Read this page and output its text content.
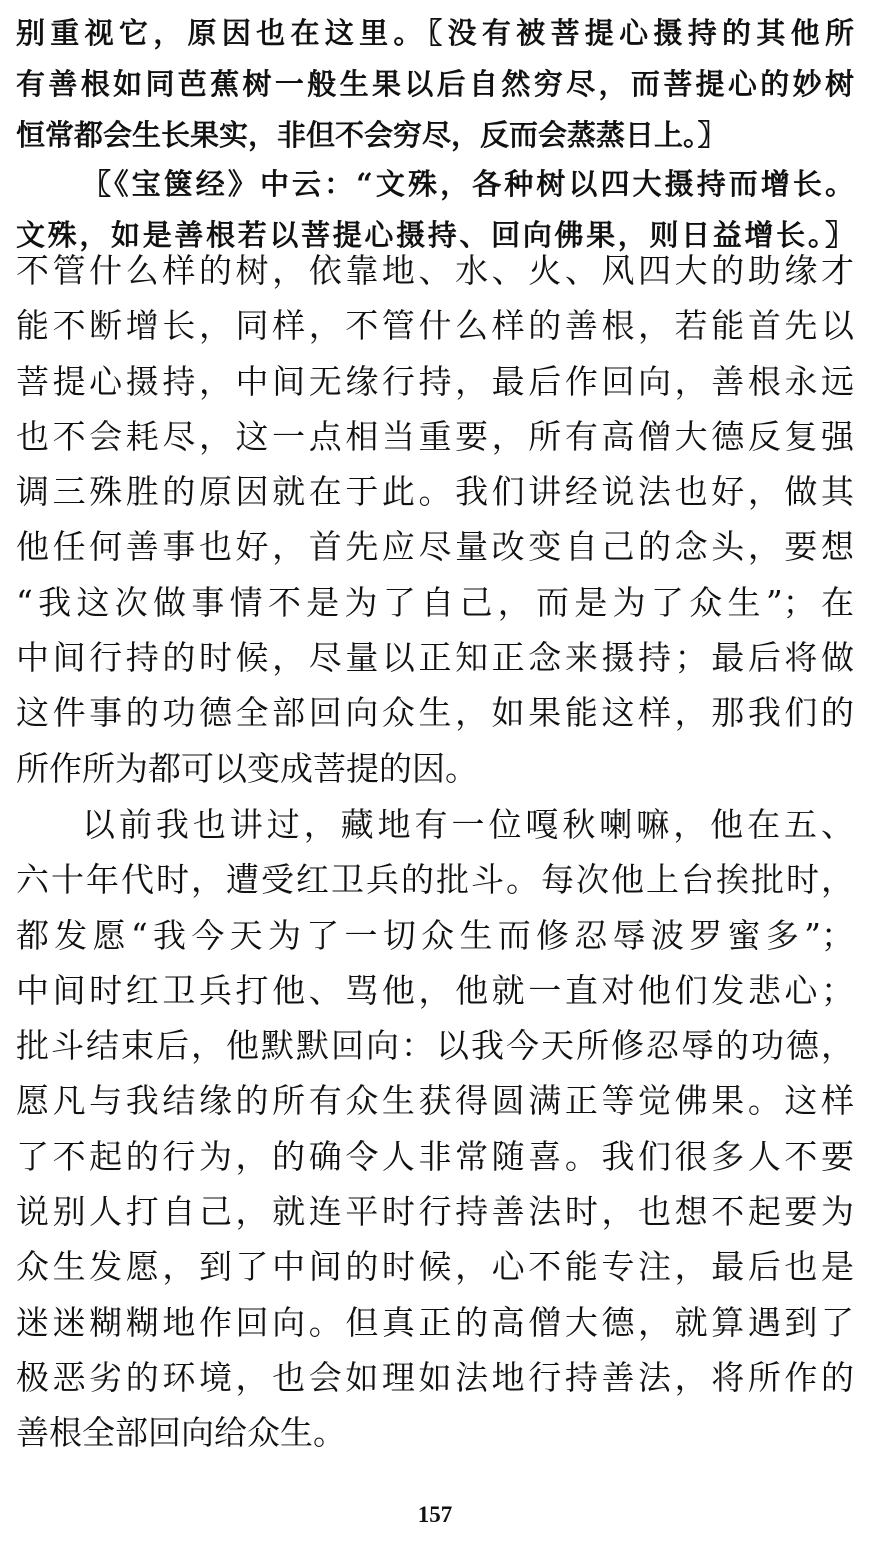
别重视它，原因也在这里。〖没有被菩提心摄持的其他所
有善根如同芭蕉树一般生果以后自然穷尽，而菩提心的妙树
恒常都会生长果实，非但不会穷尽，反而会蒸蒸日上。〗
〖《宝箧经》中云：“文殊，各种树以四大摄持而增长。
文殊，如是善根若以菩提心摄持、回向佛果，则日益增长。〗
不管什么样的树，依靠地、水、火、风四大的助缘才
能不断增长，同样，不管什么样的善根，若能首先以
菩提心摄持，中间无缘行持，最后作回向，善根永远
也不会耗尽，这一点相当重要，所有高僧大德反复强
调三殊胜的原因就在于此。我们讲经说法也好，做其
他任何善事也好，首先应尽量改变自己的念头，要想
“我这次做事情不是为了自己，而是为了众生”；在
中间行持的时候，尽量以正知正念来摄持；最后将做
这件事的功德全部回向众生，如果能这样，那我们的
所作所为都可以变成菩提的因。
以前我也讲过，藏地有一位嘎秋喇嘛，他在五、
六十年代时，遭受红卫兵的批斗。每次他上台挨批时，
都发愿“我今天为了一切众生而修忍辱波罗蜜多”；
中间时红卫兵打他、骂他，他就一直对他们发悲心；
批斗结束后，他默默回向：以我今天所修忍辱的功德，
愿凡与我结缘的所有众生获得圆满正等觉佛果。这样
了不起的行为，的确令人非常随喜。我们很多人不要
说别人打自己，就连平时行持善法时，也想不起要为
众生发愿，到了中间的时候，心不能专注，最后也是
迷迷糊糊地作回向。但真正的高僧大德，就算遇到了
极恶劣的环境，也会如理如法地行持善法，将所作的
善根全部回向给众生。
157
